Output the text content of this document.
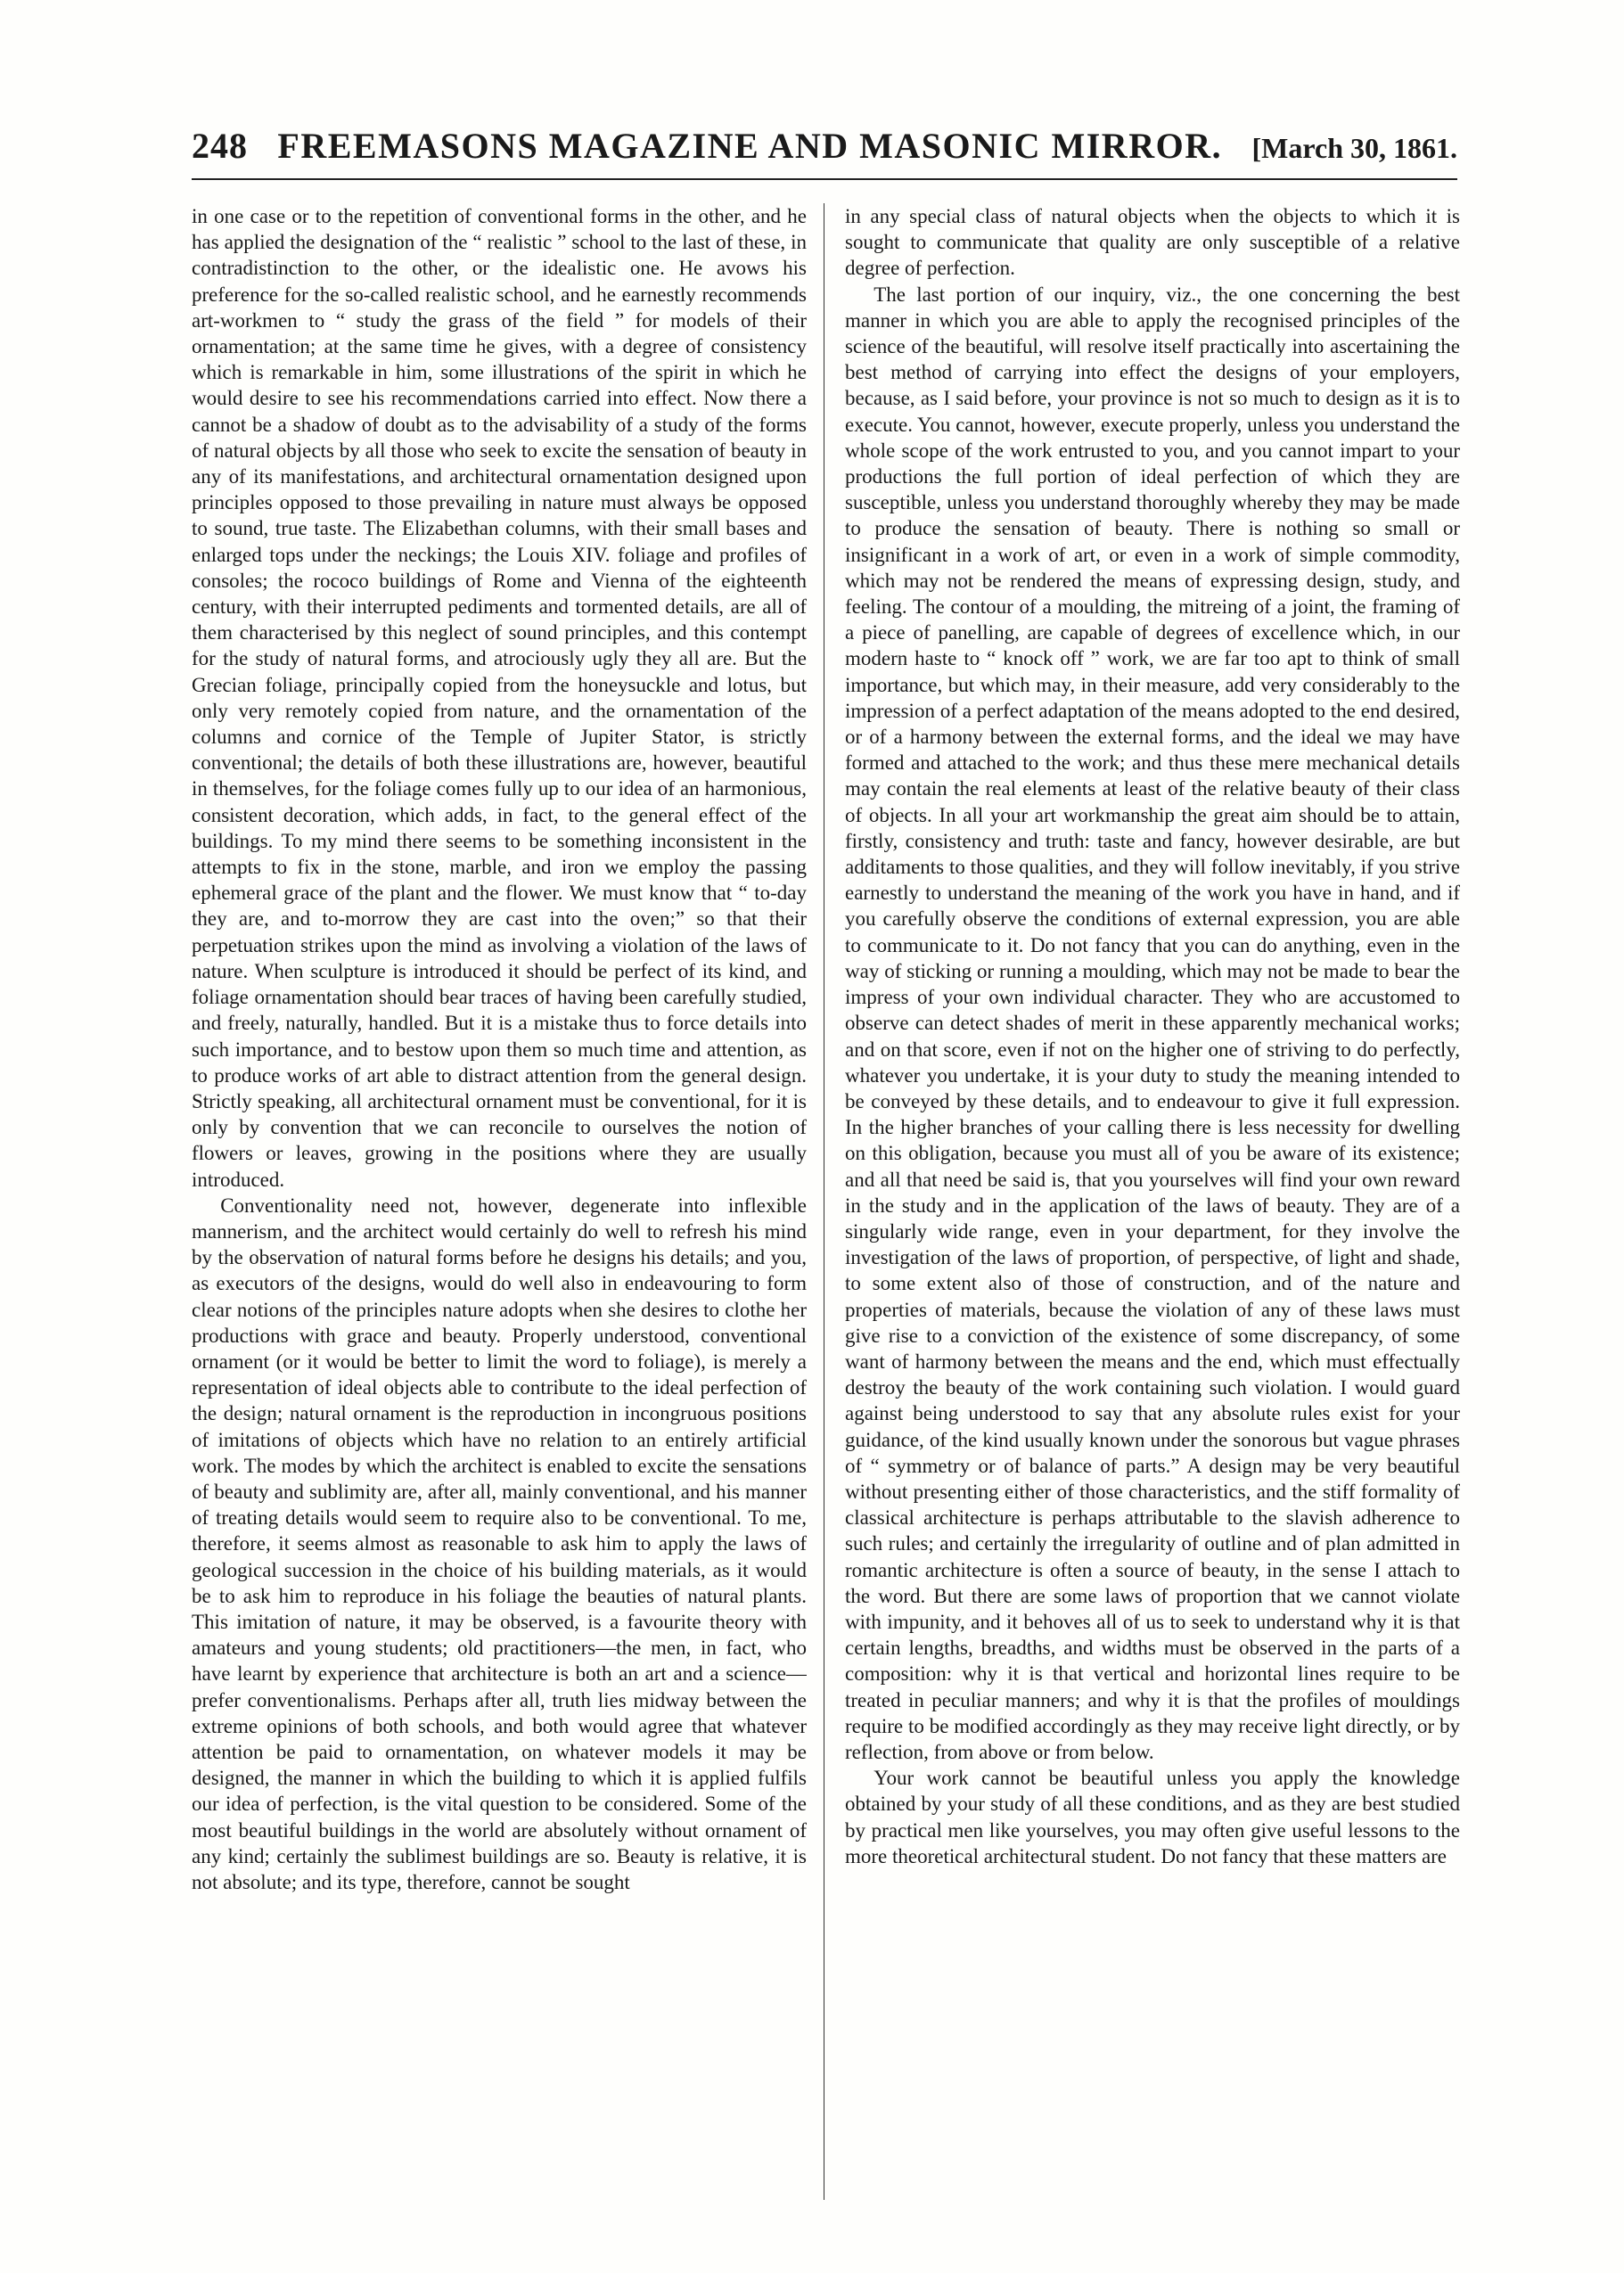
248 FREEMASONS MAGAZINE AND MASONIC MIRROR. [March 30, 1861.

in one case or to the repetition of conventional forms in the other, and he has applied the designation of the “ realistic ” school to the last of these, in contradistinction to the other, or the idealistic one. He avows his preference for the so-called realistic school, and he earnestly recommends art-workmen to “ study the grass of the field ” for models of their ornamentation; at the same time he gives, with a degree of consistency which is remarkable in him, some illustrations of the spirit in which he would desire to see his recommendations carried into effect. Now there a cannot be a shadow of doubt as to the advisability of a study of the forms of natural objects by all those who seek to excite the sensation of beauty in any of its manifestations, and architectural ornamentation designed upon principles opposed to those prevailing in nature must always be opposed to sound, true taste. The Elizabethan columns, with their small bases and enlarged tops under the neckings; the Louis XIV. foliage and profiles of consoles; the rococo buildings of Rome and Vienna of the eighteenth century, with their interrupted pediments and tormented details, are all of them characterised by this neglect of sound principles, and this contempt for the study of natural forms, and atrociously ugly they all are. But the Grecian foliage, principally copied from the honeysuckle and lotus, but only very remotely copied from nature, and the ornamentation of the columns and cornice of the Temple of Jupiter Stator, is strictly conventional; the details of both these illustrations are, however, beautiful in themselves, for the foliage comes fully up to our idea of an harmonious, consistent decoration, which adds, in fact, to the general effect of the buildings. To my mind there seems to be something inconsistent in the attempts to fix in the stone, marble, and iron we employ the passing ephemeral grace of the plant and the flower. We must know that “ to-day they are, and to-morrow they are cast into the oven;” so that their perpetuation strikes upon the mind as involving a violation of the laws of nature. When sculpture is introduced it should be perfect of its kind, and foliage ornamentation should bear traces of having been carefully studied, and freely, naturally, handled. But it is a mistake thus to force details into such importance, and to bestow upon them so much time and attention, as to produce works of art able to distract attention from the general design. Strictly speaking, all architectural ornament must be conventional, for it is only by convention that we can reconcile to ourselves the notion of flowers or leaves, growing in the positions where they are usually introduced.

Conventionality need not, however, degenerate into inflexible mannerism, and the architect would certainly do well to refresh his mind by the observation of natural forms before he designs his details; and you, as executors of the designs, would do well also in endeavouring to form clear notions of the principles nature adopts when she desires to clothe her productions with grace and beauty. Properly understood, conventional ornament (or it would be better to limit the word to foliage), is merely a representation of ideal objects able to contribute to the ideal perfection of the design; natural ornament is the reproduction in incongruous positions of imitations of objects which have no relation to an entirely artificial work. The modes by which the architect is enabled to excite the sensations of beauty and sublimity are, after all, mainly conventional, and his manner of treating details would seem to require also to be conventional. To me, therefore, it seems almost as reasonable to ask him to apply the laws of geological succession in the choice of his building materials, as it would be to ask him to reproduce in his foliage the beauties of natural plants. This imitation of nature, it may be observed, is a favourite theory with amateurs and young students; old practitioners—the men, in fact, who have learnt by experience that architecture is both an art and a science—prefer conventionalisms. Perhaps after all, truth lies midway between the extreme opinions of both schools, and both would agree that whatever attention be paid to ornamentation, on whatever models it may be designed, the manner in which the building to which it is applied fulfils our idea of perfection, is the vital question to be considered. Some of the most beautiful buildings in the world are absolutely without ornament of any kind; certainly the sublimest buildings are so. Beauty is relative, it is not absolute; and its type, therefore, cannot be sought

in any special class of natural objects when the objects to which it is sought to communicate that quality are only susceptible of a relative degree of perfection.

The last portion of our inquiry, viz., the one concerning the best manner in which you are able to apply the recognised principles of the science of the beautiful, will resolve itself practically into ascertaining the best method of carrying into effect the designs of your employers, because, as I said before, your province is not so much to design as it is to execute. You cannot, however, execute properly, unless you understand the whole scope of the work entrusted to you, and you cannot impart to your productions the full portion of ideal perfection of which they are susceptible, unless you understand thoroughly whereby they may be made to produce the sensation of beauty. There is nothing so small or insignificant in a work of art, or even in a work of simple commodity, which may not be rendered the means of expressing design, study, and feeling. The contour of a moulding, the mitreing of a joint, the framing of a piece of panelling, are capable of degrees of excellence which, in our modern haste to “ knock off ” work, we are far too apt to think of small importance, but which may, in their measure, add very considerably to the impression of a perfect adaptation of the means adopted to the end desired, or of a harmony between the external forms, and the ideal we may have formed and attached to the work; and thus these mere mechanical details may contain the real elements at least of the relative beauty of their class of objects. In all your art workmanship the great aim should be to attain, firstly, consistency and truth: taste and fancy, however desirable, are but additaments to those qualities, and they will follow inevitably, if you strive earnestly to understand the meaning of the work you have in hand, and if you carefully observe the conditions of external expression, you are able to communicate to it. Do not fancy that you can do anything, even in the way of sticking or running a moulding, which may not be made to bear the impress of your own individual character. They who are accustomed to observe can detect shades of merit in these apparently mechanical works; and on that score, even if not on the higher one of striving to do perfectly, whatever you undertake, it is your duty to study the meaning intended to be conveyed by these details, and to endeavour to give it full expression. In the higher branches of your calling there is less necessity for dwelling on this obligation, because you must all of you be aware of its existence; and all that need be said is, that you yourselves will find your own reward in the study and in the application of the laws of beauty. They are of a singularly wide range, even in your department, for they involve the investigation of the laws of proportion, of perspective, of light and shade, to some extent also of those of construction, and of the nature and properties of materials, because the violation of any of these laws must give rise to a conviction of the existence of some discrepancy, of some want of harmony between the means and the end, which must effectually destroy the beauty of the work containing such violation. I would guard against being understood to say that any absolute rules exist for your guidance, of the kind usually known under the sonorous but vague phrases of “ symmetry or of balance of parts.” A design may be very beautiful without presenting either of those characteristics, and the stiff formality of classical architecture is perhaps attributable to the slavish adherence to such rules; and certainly the irregularity of outline and of plan admitted in romantic architecture is often a source of beauty, in the sense I attach to the word. But there are some laws of proportion that we cannot violate with impunity, and it behoves all of us to seek to understand why it is that certain lengths, breadths, and widths must be observed in the parts of a composition: why it is that vertical and horizontal lines require to be treated in peculiar manners; and why it is that the profiles of mouldings require to be modified accordingly as they may receive light directly, or by reflection, from above or from below.

Your work cannot be beautiful unless you apply the knowledge obtained by your study of all these conditions, and as they are best studied by practical men like yourselves, you may often give useful lessons to the more theoretical architectural student. Do not fancy that these matters are
